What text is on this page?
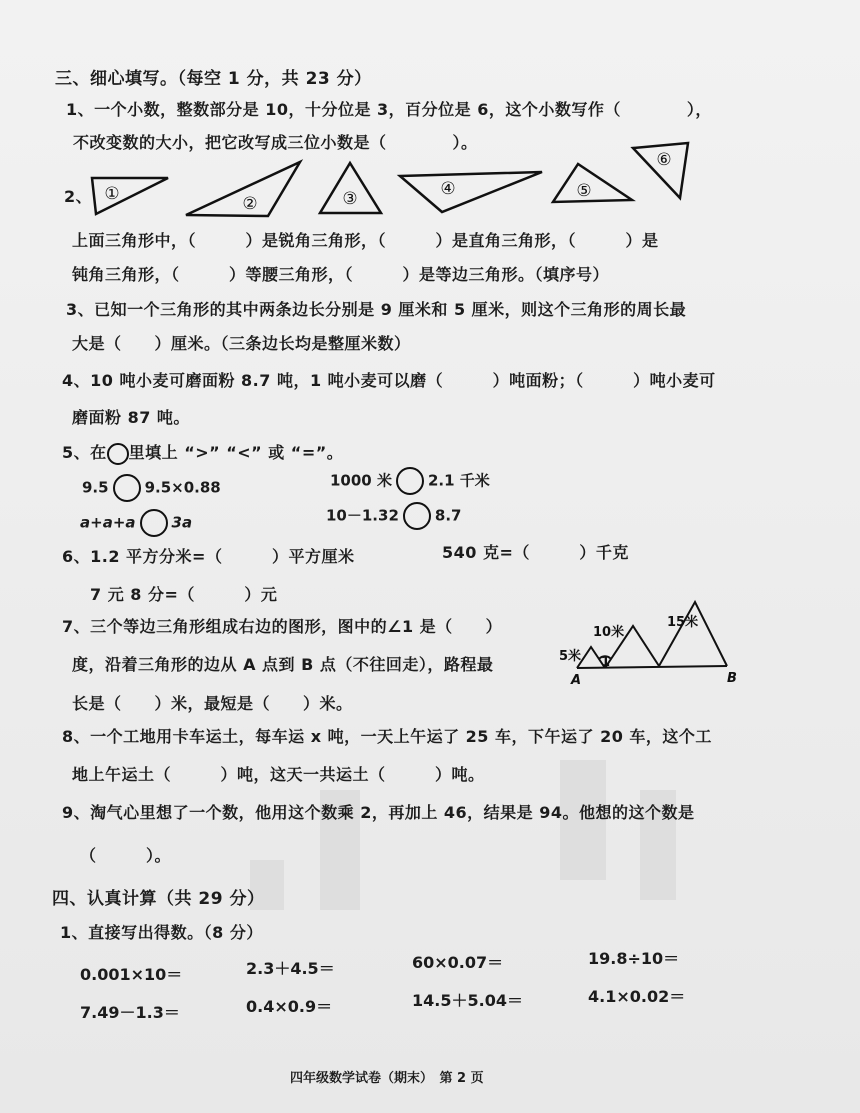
三、细心填写。（每空 1 分，共 23 分）
1、一个小数，整数部分是 10，十分位是 3，百分位是 6，这个小数写作（　　　　），
不改变数的大小，把它改写成三位小数是（　　　　）。
2、 ①	②	③	④	⑤
⑥
上面三角形中，（　　　）是锐角三角形，（　　　）是直角三角形，（　　　）是
钝角三角形，（　　　）等腰三角形，（　　　）是等边三角形。（填序号）
3、已知一个三角形的其中两条边长分别是 9 厘米和 5 厘米，则这个三角形的周长最
大是（　　）厘米。（三条边长均是整厘米数）
4、10 吨小麦可磨面粉 8.7 吨，1 吨小麦可以磨（　　　）吨面粉；（　　　）吨小麦可
磨面粉 87 吨。
5、在 里填上 “>” “<” 或 “=”。
9.5 9.5×0.88	1000 米 2.1 千米
a+a+a 3a	10－1.32 8.7
6、1.2 平方分米=（　　　）平方厘米	540 克=（　　　）千克
7 元 8 分=（　　　）元
7、三个等边三角形组成右边的图形，图中的∠1 是（　　）
度，沿着三角形的边从 A 点到 B 点（不往回走），路程最
长是（　　）米，最短是（　　）米。
5米
10米
15米
1
A	B
8、一个工地用卡车运土，每车运 x 吨，一天上午运了 25 车，下午运了 20 车，这个工
地上午运土（　　　）吨，这天一共运土（　　　）吨。
9、淘气心里想了一个数，他用这个数乘 2，再加上 46，结果是 94。他想的这个数是
（　　　）。
四、认真计算（共 29 分）
1、直接写出得数。（8 分）
0.001×10＝	2.3＋4.5＝	60×0.07＝	19.8÷10＝
7.49－1.3＝	0.4×0.9＝	14.5＋5.04＝	4.1×0.02＝
四年级数学试卷（期末）　第 2 页
